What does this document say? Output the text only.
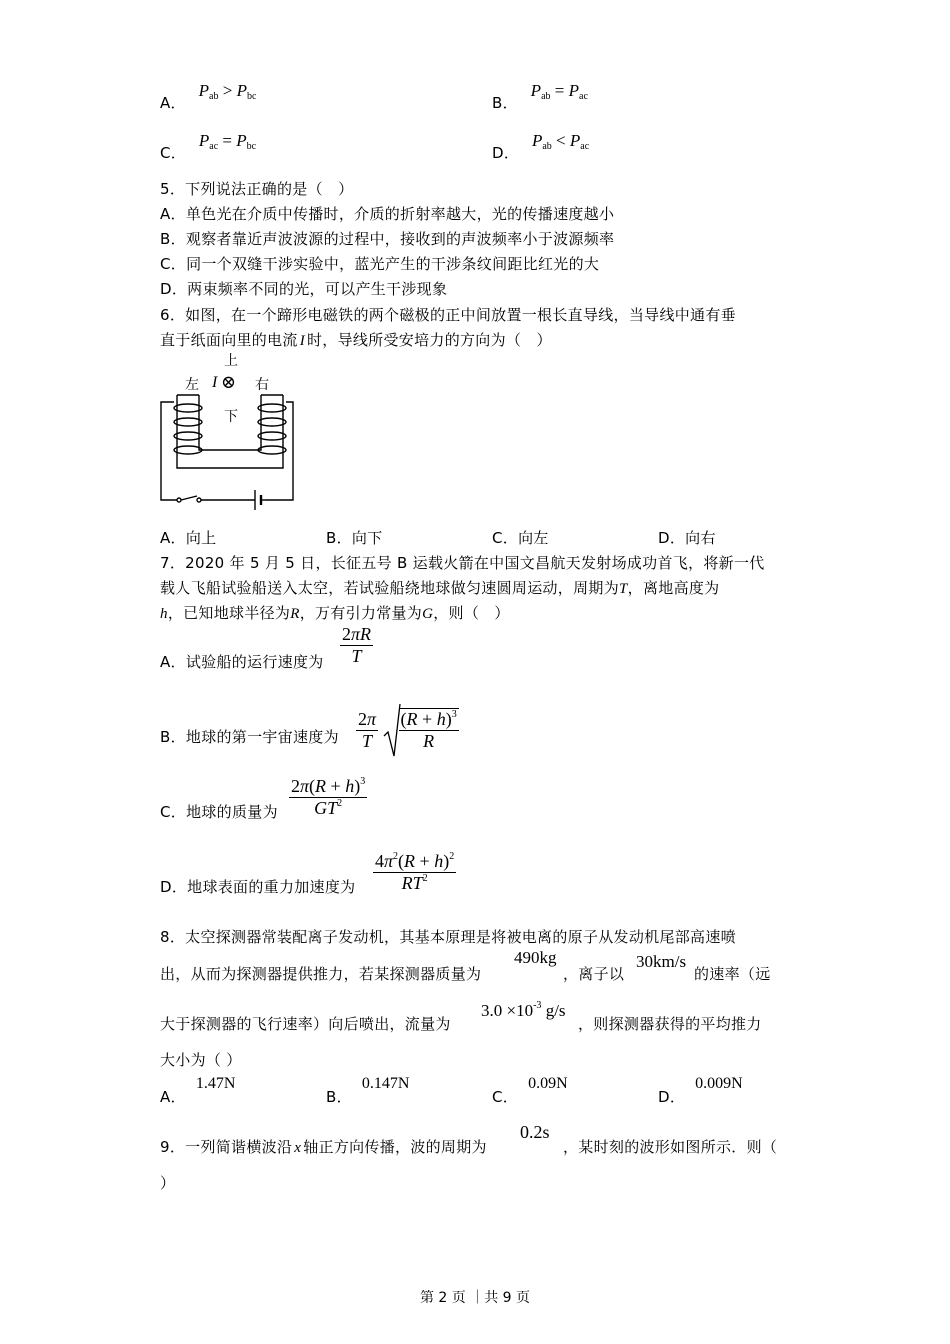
A． $P_{ab} > P_{bc}$	B． $P_{ab} = P_{ac}$
C． $P_{ac} = P_{bc}$	D． $P_{ab} < P_{ac}$
5．下列说法正确的是（　）
A．单色光在介质中传播时，介质的折射率越大，光的传播速度越小
B．观察者靠近声波波源的过程中，接收到的声波频率小于波源频率
C．同一个双缝干涉实验中，蓝光产生的干涉条纹间距比红光的大
D．两束频率不同的光，可以产生干涉现象
6．如图，在一个蹄形电磁铁的两个磁极的正中间放置一根长直导线，当导线中通有垂
直于纸面向里的电流 I 时，导线所受安培力的方向为（　）
上
左 I ⊗ 右
下
A．向上	B．向下	C．向左	D．向右
7．2020 年 5 月 5 日，长征五号 B 运载火箭在中国文昌航天发射场成功首飞，将新一代
载人飞船试验船送入太空，若试验船绕地球做匀速圆周运动，周期为T，离地高度为
h，已知地球半径为R，万有引力常量为G，则（　）
A．试验船的运行速度为 $\frac{2\pi R}{T}$
B．地球的第一宇宙速度为 $\frac{2\pi}{T}$
$\frac{(R + h)^3}{R}$
C．地球的质量为 $\frac{2\pi(R + h)^3}{GT^2}$
D．地球表面的重力加速度为 $\frac{4\pi^2(R + h)^2}{RT^2}$
8．太空探测器常装配离子发动机，其基本原理是将被电离的原子从发动机尾部高速喷
出，从而为探测器提供推力，若某探测器质量为
490kg
，离子以
30km/s
的速率（远
大于探测器的飞行速率）向后喷出，流量为
$3.0 \times 10^{-3}$ g/s
，则探测器获得的平均推力
大小为（ ）
A．1.47N
B．0.147N
C．0.09N
D．0.009N
9．一列简谐横波沿 x 轴正方向传播，波的周期为
0.2s
，某时刻的波形如图所示．则（
）
第 2 页 ｜共 9 页
